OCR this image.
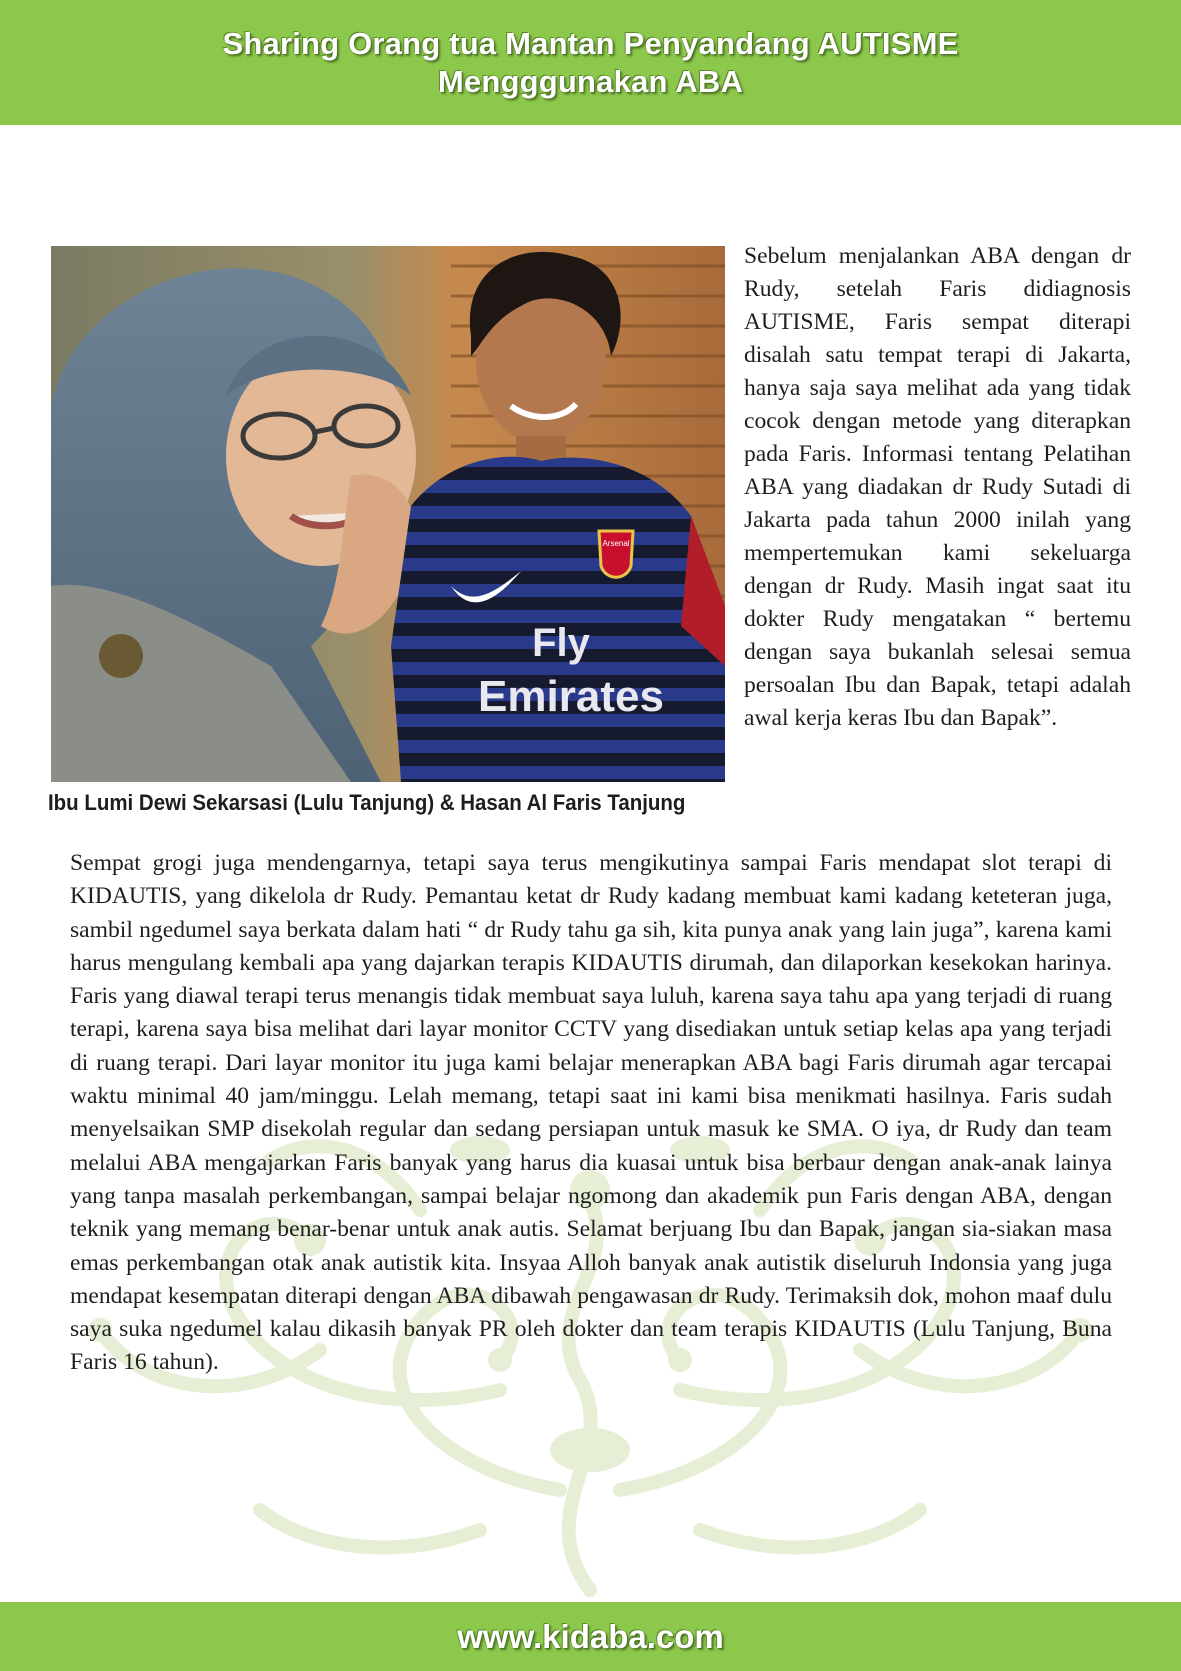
Sharing Orang tua Mantan Penyandang AUTISME
Mengggunakan ABA
Arsenal
Fly
Emirates
Ibu Lumi Dewi Sekarsasi (Lulu Tanjung) & Hasan Al Faris Tanjung
Sebelum menjalankan ABA dengan dr Rudy, setelah Faris didiagnosis AUTISME, Faris sempat diterapi disalah satu tempat terapi di Jakarta, hanya saja saya melihat ada yang tidak cocok dengan metode yang diterapkan pada Faris. Informasi tentang Pelatihan ABA yang diadakan dr Rudy Sutadi di Jakarta pada tahun 2000 inilah yang mempertemukan kami sekeluarga dengan dr Rudy. Masih ingat saat itu dokter Rudy mengatakan “ bertemu dengan saya bukanlah selesai semua persoalan Ibu dan Bapak, tetapi adalah awal kerja keras Ibu dan Bapak”.
Sempat grogi juga mendengarnya, tetapi saya terus mengikutinya sampai Faris mendapat slot terapi di KIDAUTIS, yang dikelola dr Rudy. Pemantau ketat dr Rudy kadang membuat kami kadang keteteran juga, sambil ngedumel saya berkata dalam hati “ dr Rudy tahu ga sih, kita punya anak yang lain juga”, karena kami harus mengulang kembali apa yang dajarkan terapis KIDAUTIS dirumah, dan dilaporkan kesekokan harinya. Faris yang diawal terapi terus menangis tidak membuat saya luluh, karena saya tahu apa yang terjadi di ruang terapi, karena saya bisa melihat dari layar monitor CCTV yang disediakan untuk setiap kelas apa yang terjadi di ruang terapi. Dari layar monitor itu juga kami belajar menerapkan ABA bagi Faris dirumah agar tercapai waktu minimal 40 jam/minggu. Lelah memang, tetapi saat ini kami bisa menikmati hasilnya. Faris sudah menyelsaikan SMP disekolah regular dan sedang persiapan untuk masuk ke SMA. O iya, dr Rudy dan team melalui ABA mengajarkan Faris banyak yang harus dia kuasai untuk bisa berbaur dengan anak-anak lainya yang tanpa masalah perkembangan, sampai belajar ngomong dan akademik pun Faris dengan ABA, dengan teknik yang memang benar-benar untuk anak autis. Selamat berjuang Ibu dan Bapak, jangan sia-siakan masa emas perkembangan otak anak autistik kita. Insyaa Alloh banyak anak autistik diseluruh Indonsia yang juga mendapat kesempatan diterapi dengan ABA dibawah pengawasan dr Rudy. Terimaksih dok, mohon maaf dulu saya suka ngedumel kalau dikasih banyak PR oleh dokter dan team terapis KIDAUTIS (Lulu Tanjung, Buna Faris 16 tahun).
www.kidaba.com
